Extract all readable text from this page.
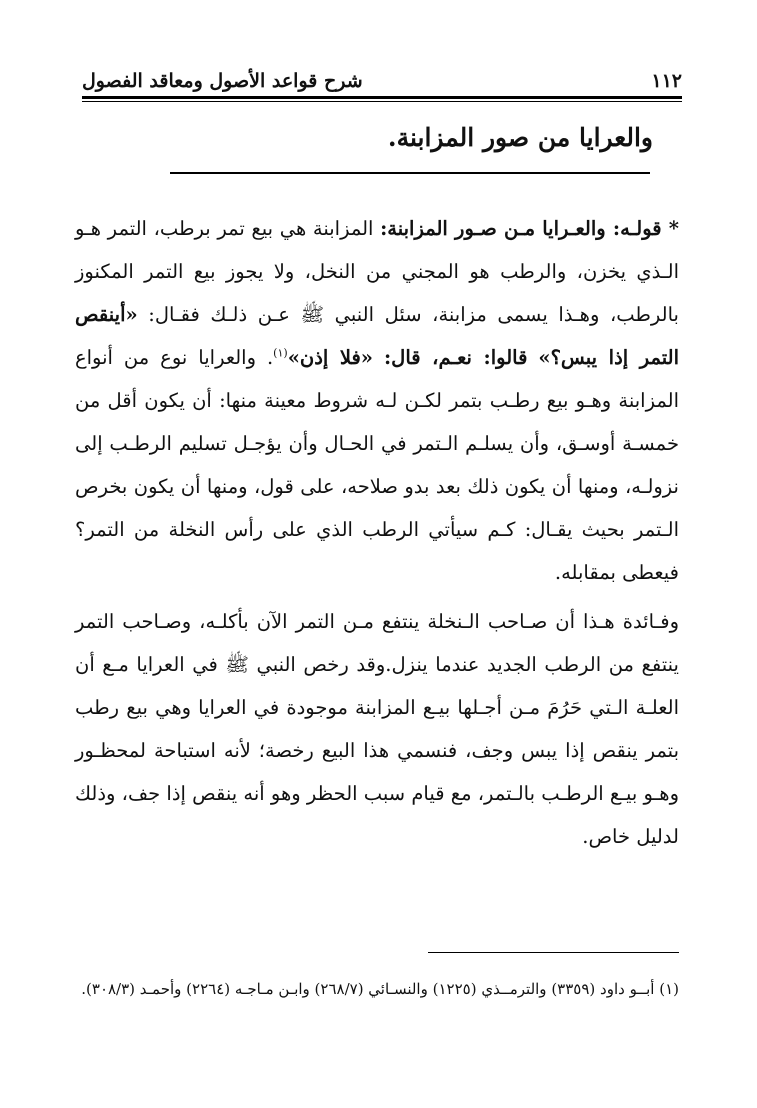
١١٢
شرح قواعد الأصول ومعاقد الفصول
والعرايا من صور المزابنة.

* قولـه: والعـرايا مـن صـور المزابنة: المزابنة هي بيع تمر برطب، التمر هـو الـذي يخزن، والرطب هو المجني من النخل، ولا يجوز بيع التمر المكنوز بالرطب، وهـذا يسمى مزابنة، سئل النبي ﷺ عـن ذلـك فقـال: «أينقص التمر إذا يبس؟» قالوا: نعـم، قال: «فلا إذن»$^{(١)}$. والعرايا نوع من أنواع المزابنة وهـو بيع رطـب بتمر لكـن لـه شروط معينة منها: أن يكون أقل من خمسـة أوسـق، وأن يسلـم الـتمر في الحـال وأن يؤجـل تسليم الرطـب إلى نزولـه، ومنها أن يكون ذلك بعد بدو صلاحه، على قول، ومنها أن يكون بخرص الـتمر بحيث يقـال: كـم سيأتي الرطب الذي على رأس النخلة من التمر؟ فيعطى بمقابله.

وفـائدة هـذا أن صـاحب الـنخلة ينتفع مـن التمر الآن بأكلـه، وصـاحب التمر ينتفع من الرطب الجديد عندما ينزل.وقد رخص النبي ﷺ في العرايا مـع أن العلـة الـتي حَرُمَ مـن أجـلها بيـع المزابنة موجودة في العرايا وهي بيع رطب بتمر ينقص إذا يبس وجف، فنسمي هذا البيع رخصة؛ لأنه استباحة لمحظـور وهـو بيـع الرطـب بالـتمر، مع قيام سبب الحظر وهو أنه ينقص إذا جف، وذلك لدليل خاص.

(١) أبــو داود (٣٣٥٩) والترمــذي (١٢٢٥) والنسـائي (٢٦٨/٧) وابـن مـاجـه (٢٢٦٤) وأحمـد (٣٠٨/٣).
